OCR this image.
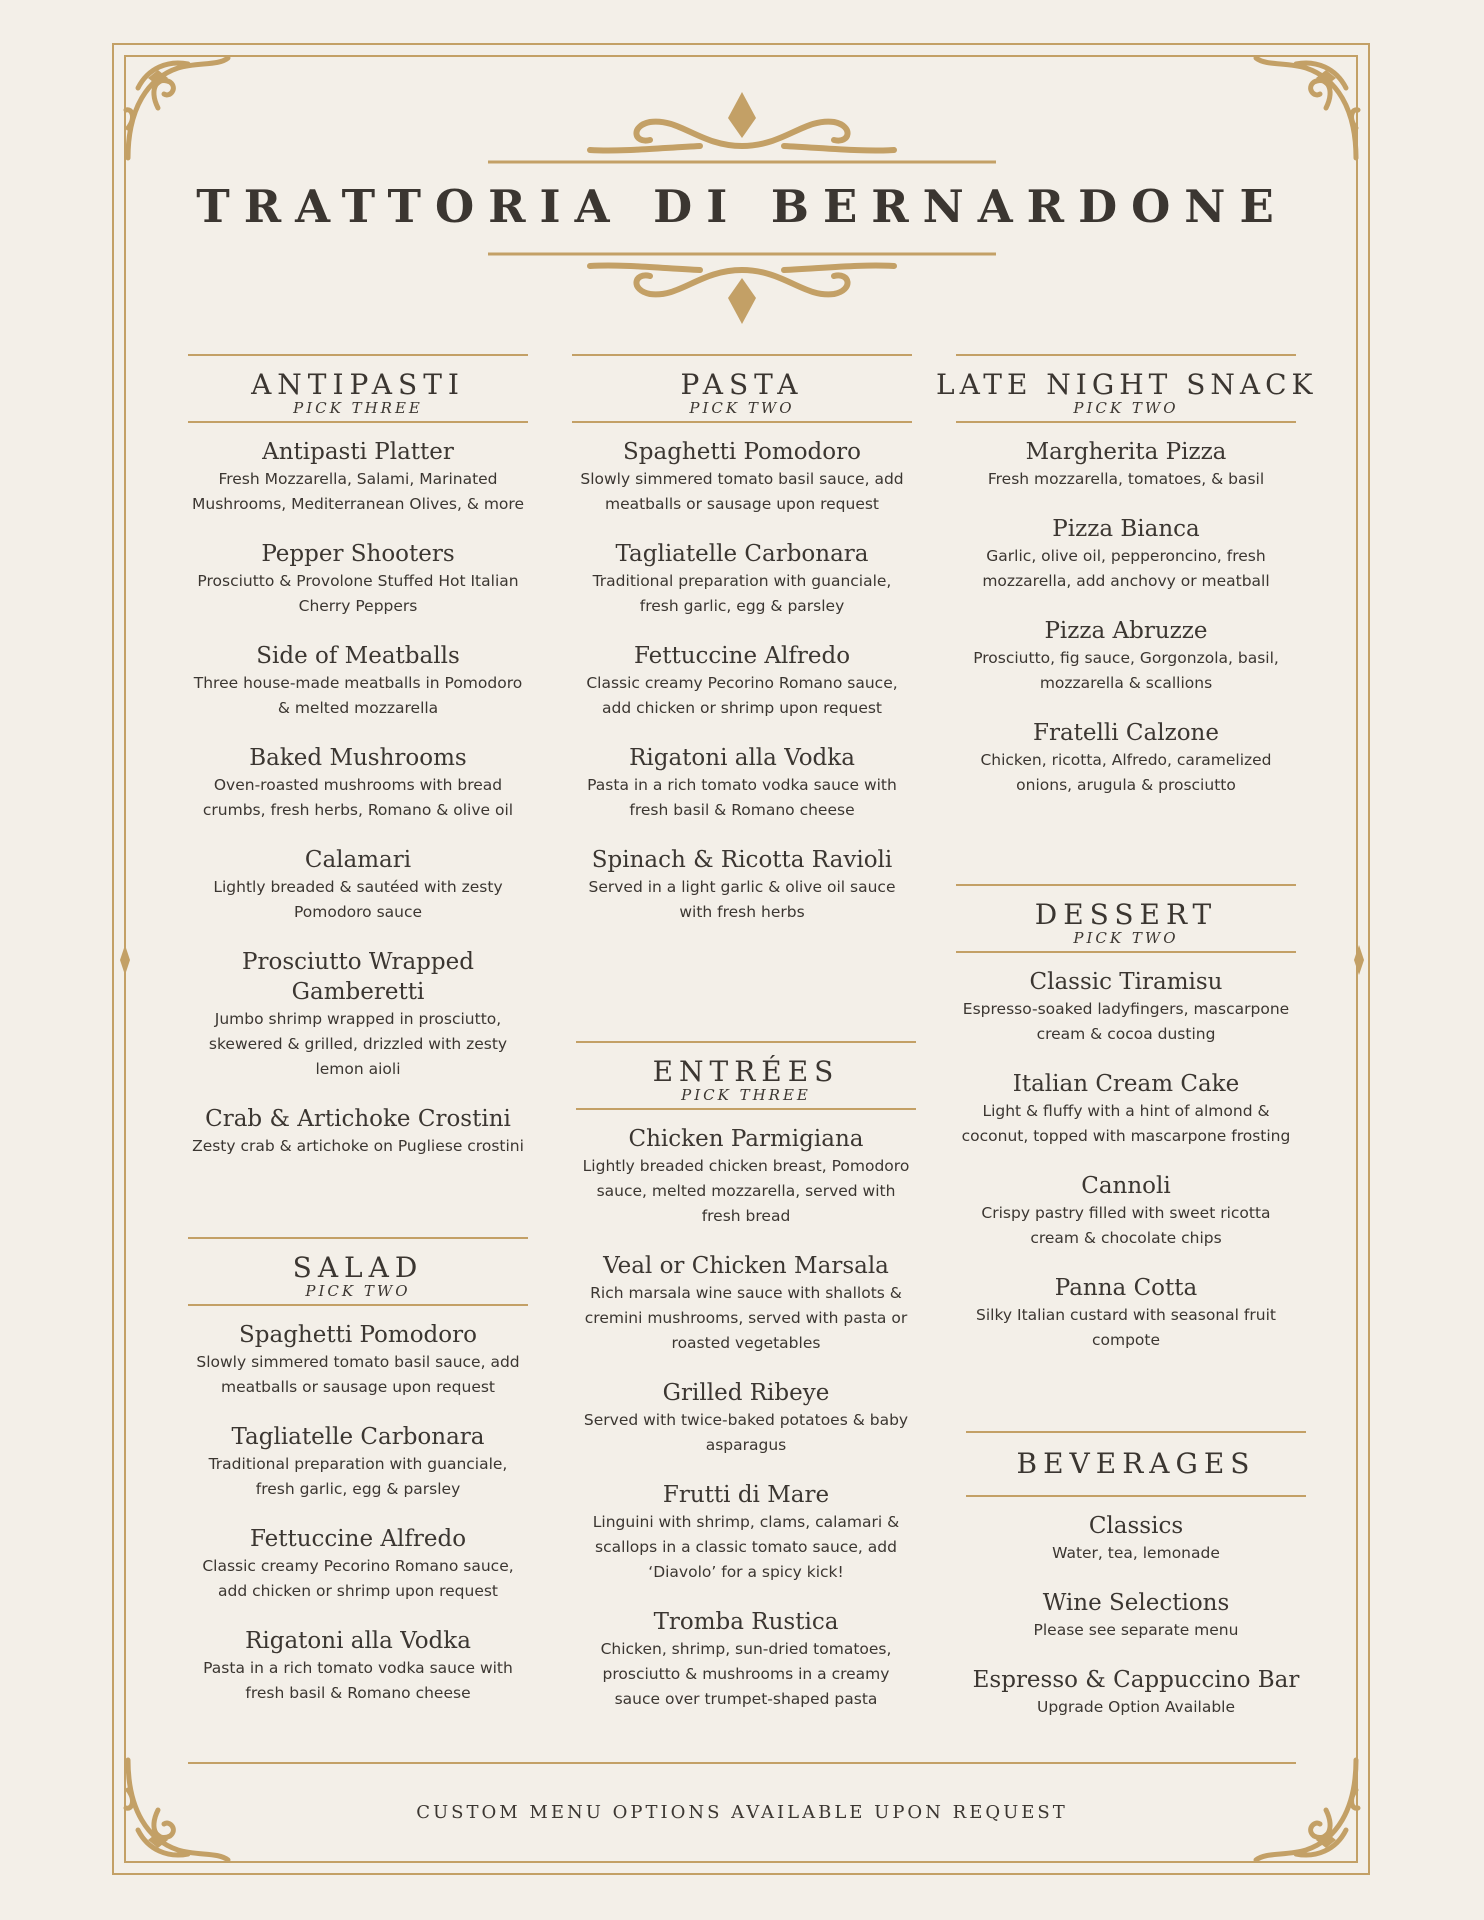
TRATTORIA DI BERNARDONE
ANTIPASTI
PICK THREE
Antipasti Platter
Fresh Mozzarella, Salami, Marinated Mushrooms, Mediterranean Olives, & more
Pepper Shooters
Prosciutto & Provolone Stuffed Hot Italian Cherry Peppers
Side of Meatballs
Three house-made meatballs in Pomodoro & melted mozzarella
Baked Mushrooms
Oven-roasted mushrooms with bread crumbs, fresh herbs, Romano & olive oil
Calamari
Lightly breaded & sautéed with zesty Pomodoro sauce
Prosciutto Wrapped Gamberetti
Jumbo shrimp wrapped in prosciutto, skewered & grilled, drizzled with zesty lemon aioli
Crab & Artichoke Crostini
Zesty crab & artichoke on Pugliese crostini
SALAD
PICK TWO
Spaghetti Pomodoro
Slowly simmered tomato basil sauce, add meatballs or sausage upon request
Tagliatelle Carbonara
Traditional preparation with guanciale, fresh garlic, egg & parsley
Fettuccine Alfredo
Classic creamy Pecorino Romano sauce, add chicken or shrimp upon request
Rigatoni alla Vodka
Pasta in a rich tomato vodka sauce with fresh basil & Romano cheese
PASTA
PICK TWO
Spaghetti Pomodoro
Slowly simmered tomato basil sauce, add meatballs or sausage upon request
Tagliatelle Carbonara
Traditional preparation with guanciale, fresh garlic, egg & parsley
Fettuccine Alfredo
Classic creamy Pecorino Romano sauce, add chicken or shrimp upon request
Rigatoni alla Vodka
Pasta in a rich tomato vodka sauce with fresh basil & Romano cheese
Spinach & Ricotta Ravioli
Served in a light garlic & olive oil sauce with fresh herbs
ENTRÉES
PICK THREE
Chicken Parmigiana
Lightly breaded chicken breast, Pomodoro sauce, melted mozzarella, served with fresh bread
Veal or Chicken Marsala
Rich marsala wine sauce with shallots & cremini mushrooms, served with pasta or roasted vegetables
Grilled Ribeye
Served with twice-baked potatoes & baby asparagus
Frutti di Mare
Linguini with shrimp, clams, calamari & scallops in a classic tomato sauce, add ‘Diavolo’ for a spicy kick!
Tromba Rustica
Chicken, shrimp, sun-dried tomatoes, prosciutto & mushrooms in a creamy sauce over trumpet-shaped pasta
LATE NIGHT SNACK
PICK TWO
Margherita Pizza
Fresh mozzarella, tomatoes, & basil
Pizza Bianca
Garlic, olive oil, pepperoncino, fresh mozzarella, add anchovy or meatball
Pizza Abruzze
Prosciutto, fig sauce, Gorgonzola, basil, mozzarella & scallions
Fratelli Calzone
Chicken, ricotta, Alfredo, caramelized onions, arugula & prosciutto
DESSERT
PICK TWO
Classic Tiramisu
Espresso-soaked ladyfingers, mascarpone cream & cocoa dusting
Italian Cream Cake
Light & fluffy with a hint of almond & coconut, topped with mascarpone frosting
Cannoli
Crispy pastry filled with sweet ricotta cream & chocolate chips
Panna Cotta
Silky Italian custard with seasonal fruit compote
BEVERAGES
Classics
Water, tea, lemonade
Wine Selections
Please see separate menu
Espresso & Cappuccino Bar
Upgrade Option Available
CUSTOM MENU OPTIONS AVAILABLE UPON REQUEST
